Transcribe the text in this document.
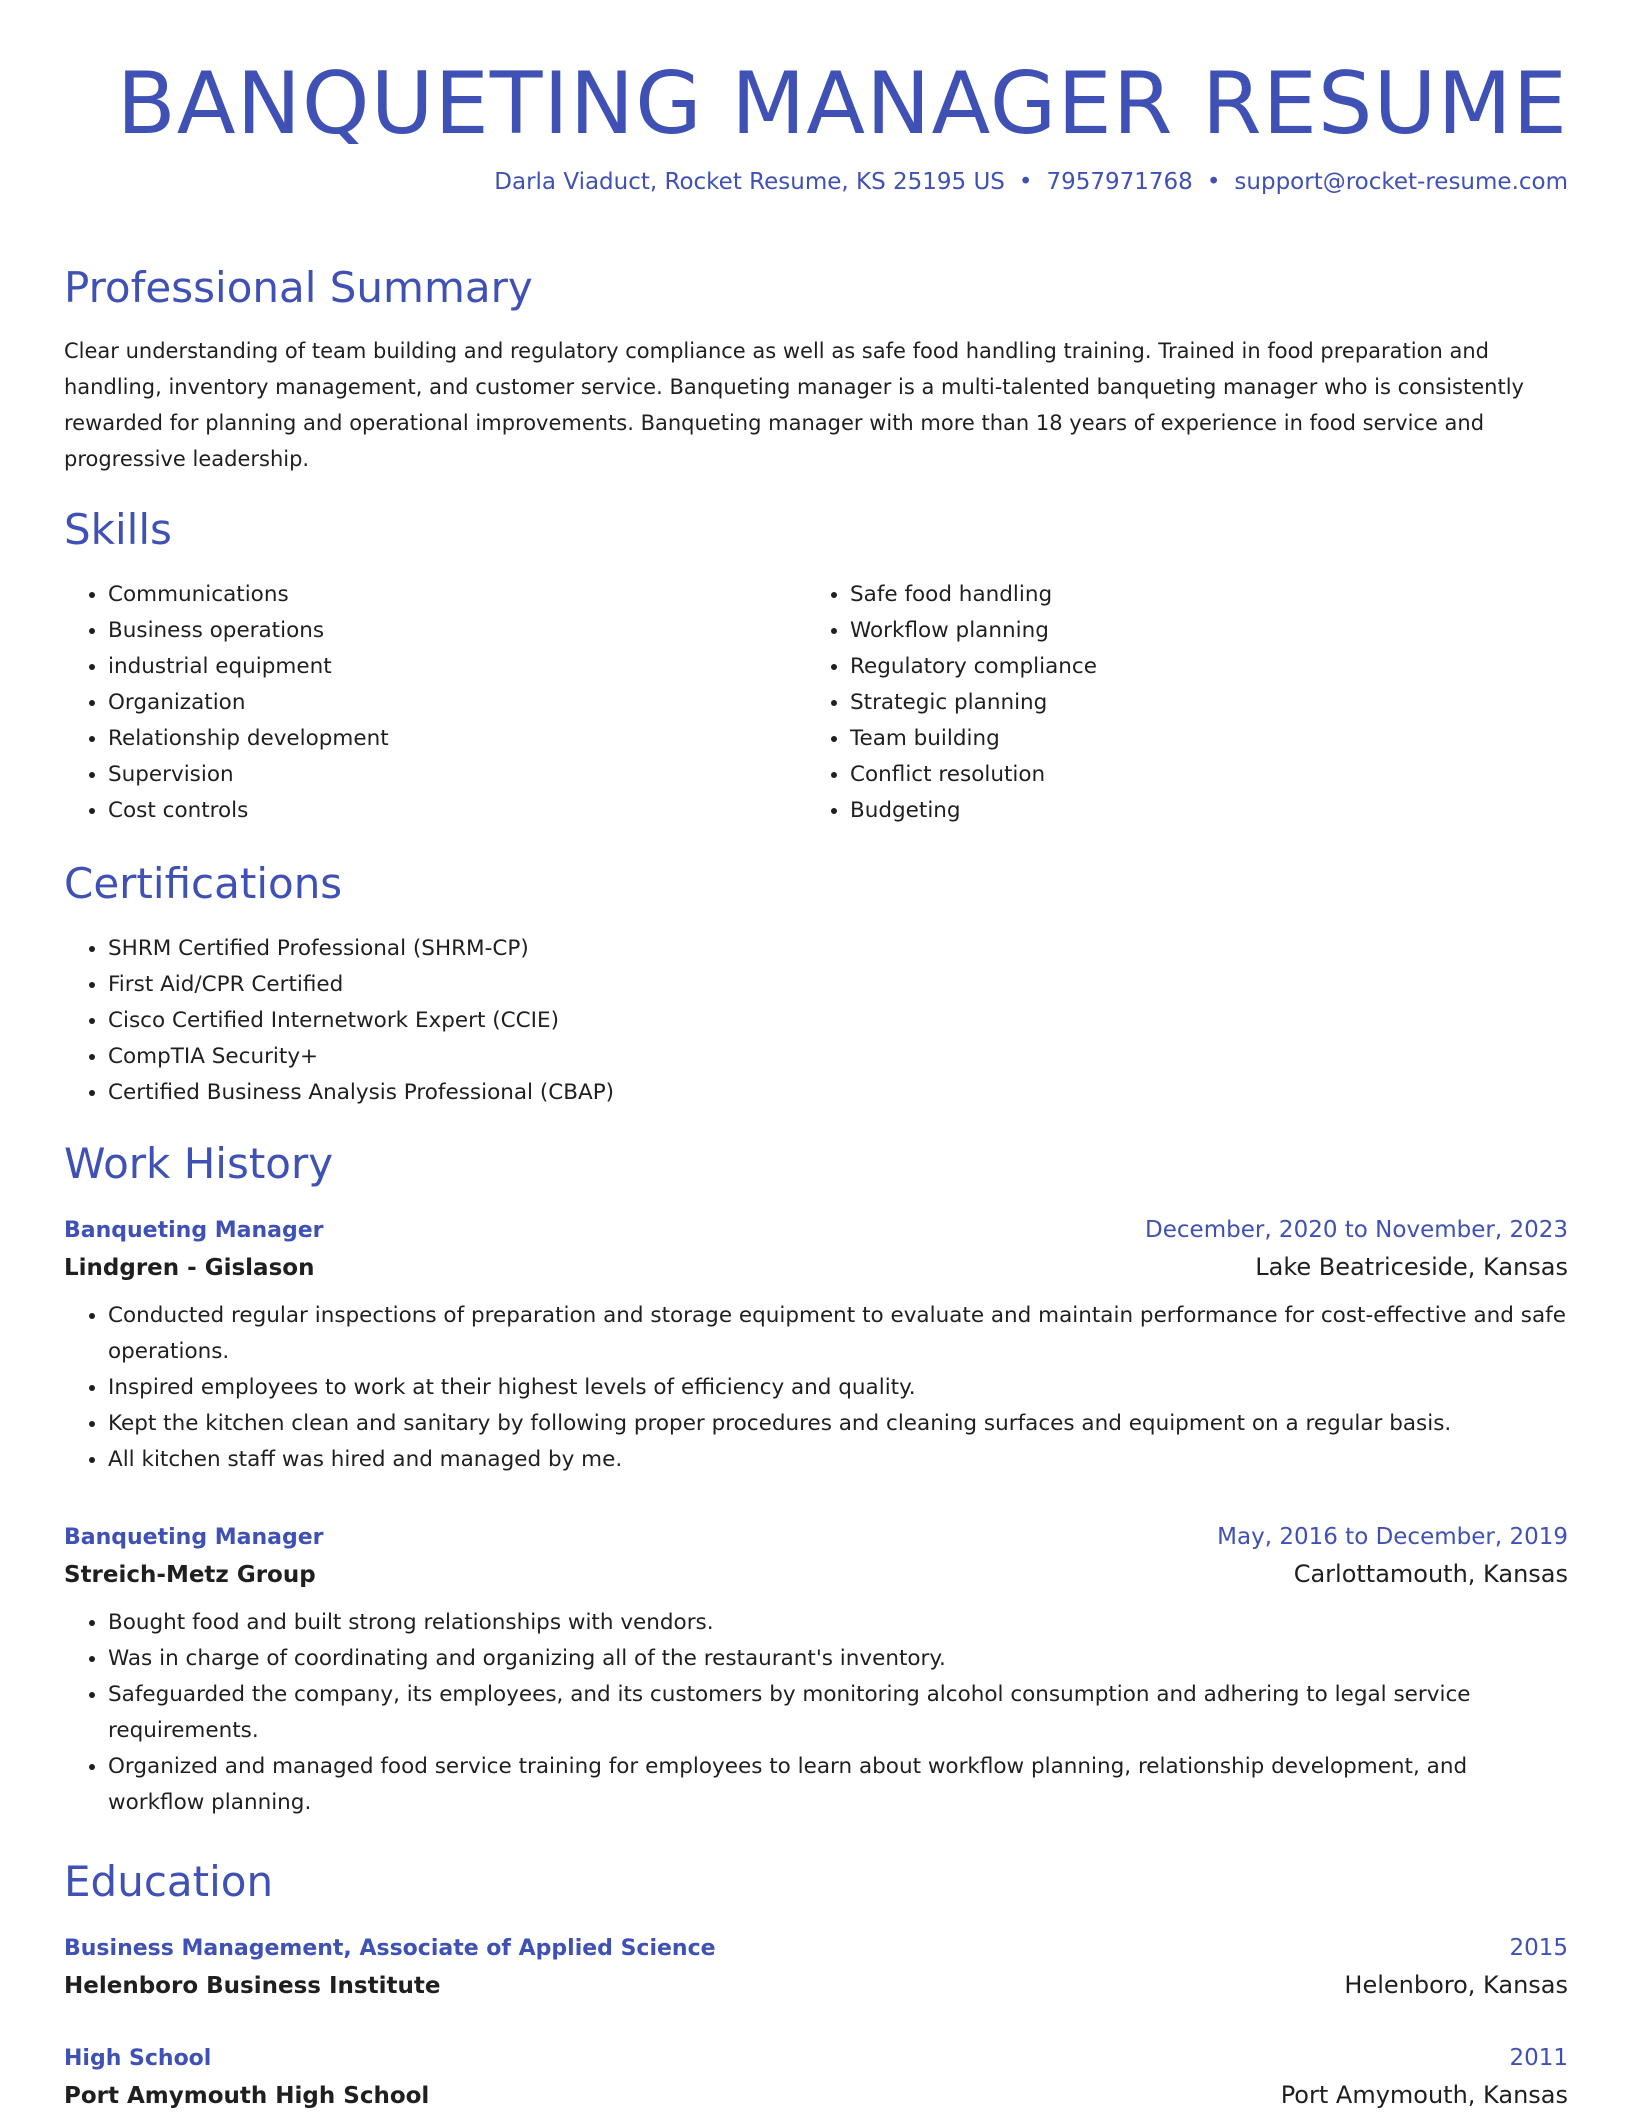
BANQUETING MANAGER RESUME

Darla Viaduct, Rocket Resume, KS 25195 US • 7957971768 • support@rocket-resume.com

Professional Summary

Clear understanding of team building and regulatory compliance as well as safe food handling training. Trained in food preparation and handling, inventory management, and customer service. Banqueting manager is a multi-talented banqueting manager who is consistently rewarded for planning and operational improvements. Banqueting manager with more than 18 years of experience in food service and progressive leadership.

Skills
• Communications
• Business operations
• industrial equipment
• Organization
• Relationship development
• Supervision
• Cost controls
• Safe food handling
• Workflow planning
• Regulatory compliance
• Strategic planning
• Team building
• Conflict resolution
• Budgeting
Certifications
• SHRM Certified Professional (SHRM-CP)
• First Aid/CPR Certified
• Cisco Certified Internetwork Expert (CCIE)
• CompTIA Security+
• Certified Business Analysis Professional (CBAP)
Work History
Banqueting Manager	December, 2020 to November, 2023
Lindgren - Gislason	Lake Beatriceside, Kansas
• Conducted regular inspections of preparation and storage equipment to evaluate and maintain performance for cost-effective and safe operations.
• Inspired employees to work at their highest levels of efficiency and quality.
• Kept the kitchen clean and sanitary by following proper procedures and cleaning surfaces and equipment on a regular basis.
• All kitchen staff was hired and managed by me.
Banqueting Manager	May, 2016 to December, 2019
Streich-Metz Group	Carlottamouth, Kansas
• Bought food and built strong relationships with vendors.
• Was in charge of coordinating and organizing all of the restaurant's inventory.
• Safeguarded the company, its employees, and its customers by monitoring alcohol consumption and adhering to legal service requirements.
• Organized and managed food service training for employees to learn about workflow planning, relationship development, and workflow planning.
Education
Business Management, Associate of Applied Science	2015
Helenboro Business Institute	Helenboro, Kansas
High School	2011
Port Amymouth High School	Port Amymouth, Kansas
